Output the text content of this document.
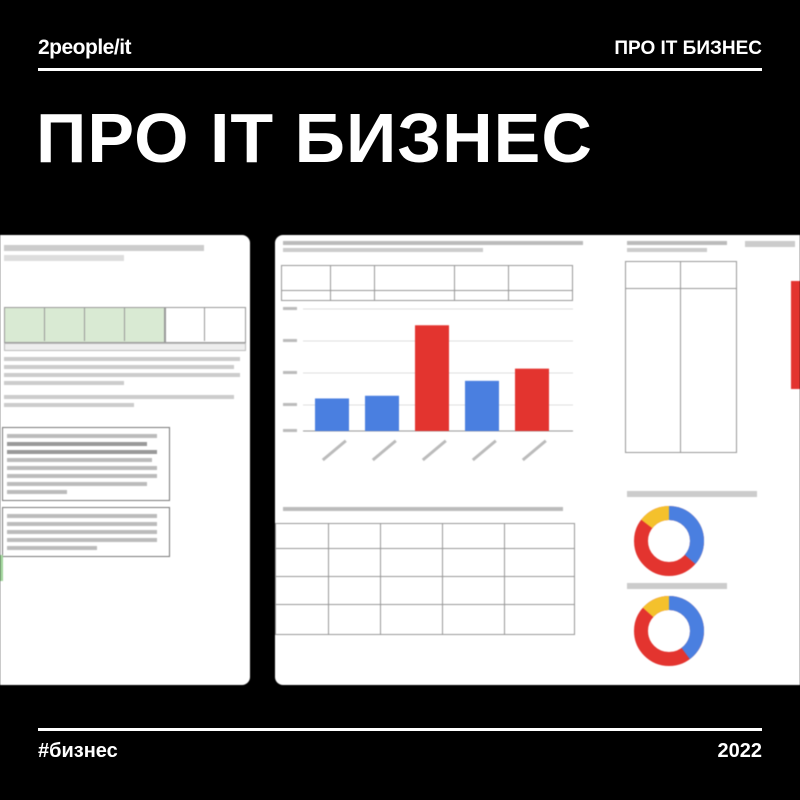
2people/it	ПРО IT БИЗНЕС
ПРО IT БИЗНЕС
#бизнес	2022
